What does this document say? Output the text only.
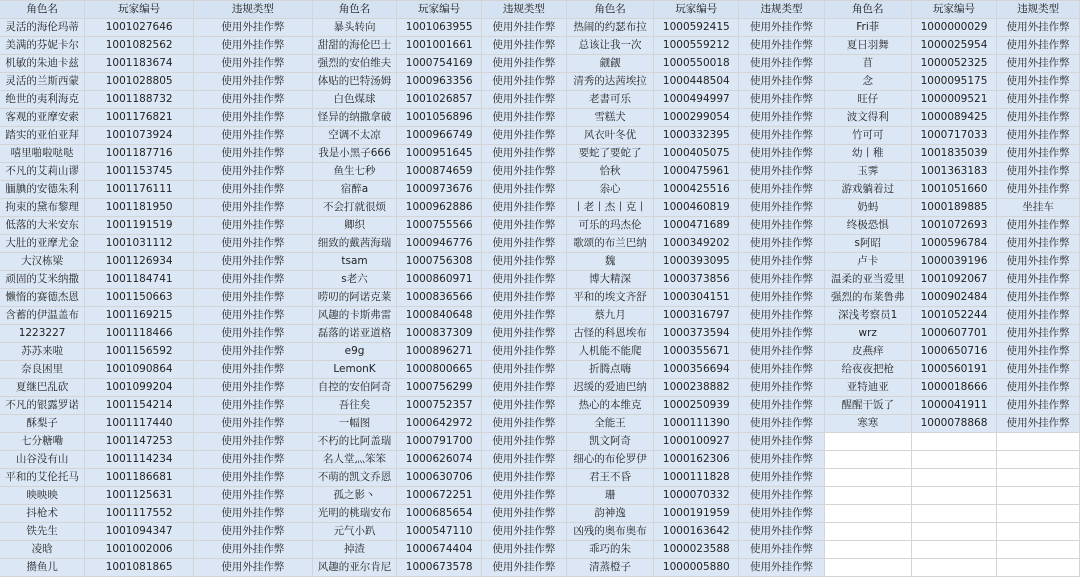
角色名	玩家编号	违规类型	角色名	玩家编号	违规类型	角色名	玩家编号	违规类型	角色名	玩家编号	违规类型
灵活的海伦玛蒂	1001027646	使用外挂作弊	暴头转向	1001063955	使用外挂作弊	热闹的约瑟布拉	1000592415	使用外挂作弊	Fri菲	1000000029	使用外挂作弊
美满的芬妮卡尔	1001082562	使用外挂作弊	甜甜的海伦巴士	1001001661	使用外挂作弊	总该让我一次	1000559212	使用外挂作弊	夏日羽舞	1000025954	使用外挂作弊
机敏的朱迪卡兹	1001183674	使用外挂作弊	强烈的安伯维夫	1000754169	使用外挂作弊	觎觎	1000550018	使用外挂作弊	苜	1000052325	使用外挂作弊
灵活的兰斯西蒙	1001028805	使用外挂作弊	体贴的巴特汤姆	1000963356	使用外挂作弊	清秀的达茜埃拉	1000448504	使用外挂作弊	念	1000095175	使用外挂作弊
绝世的夷利海克	1001188732	使用外挂作弊	白色煤球	1001026857	使用外挂作弊	老書可乐	1000494997	使用外挂作弊	旺仔	1000009521	使用外挂作弊
客观的亚摩安索	1001176821	使用外挂作弊	怪异的纳撒拿破	1001056896	使用外挂作弊	雪糕犬	1000299054	使用外挂作弊	波文得利	1000089425	使用外挂作弊
踏实的亚伯亚拜	1001073924	使用外挂作弊	空调不太凉	1000966749	使用外挂作弊	风衣叶冬优	1000332395	使用外挂作弊	竹可可	1000717033	使用外挂作弊
嘻里啪啦哒哒	1001187716	使用外挂作弊	我是小黑子666	1000951645	使用外挂作弊	要蛇了要蛇了	1000405075	使用外挂作弊	幼丨稚	1001835039	使用外挂作弊
不凡的艾莉山谬	1001153745	使用外挂作弊	鱼生七秒	1000874659	使用外挂作弊	恰秋	1000475961	使用外挂作弊	玉霁	1001363183	使用外挂作弊
腼腆的安德朱利	1001176111	使用外挂作弊	宿醉a	1000973676	使用外挂作弊	尜心	1000425516	使用外挂作弊	游戏躺着过	1001051660	使用外挂作弊
拘束的黛布黎理	1001181950	使用外挂作弊	不会打就很烦	1000962886	使用外挂作弊	丨老丨杰丨克丨	1000460819	使用外挂作弊	奶蚂	1000189885	坐挂车
低落的大米安东	1001191519	使用外挂作弊	卿织	1000755566	使用外挂作弊	可乐的玛杰伦	1000471689	使用外挂作弊	终极恐惧	1001072693	使用外挂作弊
大肚的亚摩尤金	1001031112	使用外挂作弊	细致的戴茜海瑞	1000946776	使用外挂作弊	歌颂的布兰巴纳	1000349202	使用外挂作弊	s阿昭	1000596784	使用外挂作弊
大汉栋梁	1001126934	使用外挂作弊	tsam	1000756308	使用外挂作弊	魏	1000393095	使用外挂作弊	卢卡	1000039196	使用外挂作弊
顽固的艾米纳撒	1001184741	使用外挂作弊	s老六	1000860971	使用外挂作弊	博大精深	1000373856	使用外挂作弊	温柔的亚当爱里	1001092067	使用外挂作弊
懒惰的赛德杰恩	1001150663	使用外挂作弊	唠叨的阿诺克莱	1000836566	使用外挂作弊	平和的埃文齐舒	1000304151	使用外挂作弊	强烈的布莱鲁弗	1000902484	使用外挂作弊
含蓄的伊温盖布	1001169215	使用外挂作弊	风趣的卡斯弗雷	1000840648	使用外挂作弊	蔡九月	1000316797	使用外挂作弊	深浅考察员1	1001052244	使用外挂作弊
1223227	1001118466	使用外挂作弊	磊落的诺亚道格	1000837309	使用外挂作弊	古怪的科恩埃布	1000373594	使用外挂作弊	wrz	1000607701	使用外挂作弊
苏苏来啦	1001156592	使用外挂作弊	e9g	1000896271	使用外挂作弊	人机能不能爬	1000355671	使用外挂作弊	皮燕痒	1000650716	使用外挂作弊
奈良困里	1001090864	使用外挂作弊	LemonK	1000800665	使用外挂作弊	折腾点嗨	1000356694	使用外挂作弊	给夜夜把枪	1000560191	使用外挂作弊
夏继巴乱砍	1001099204	使用外挂作弊	自控的安伯阿奇	1000756299	使用外挂作弊	迟缓的爱迪巴纳	1000238882	使用外挂作弊	亚特迪亚	1000018666	使用外挂作弊
不凡的银露罗诺	1001154214	使用外挂作弊	吾往矣	1000752357	使用外挂作弊	热心的本维克	1000250939	使用外挂作弊	醒醒干饭了	1000041911	使用外挂作弊
酥梨子	1001117440	使用外挂作弊	一幅图	1000642972	使用外挂作弊	全能王	1000111390	使用外挂作弊	寒寒	1000078868	使用外挂作弊
七分糖嘞	1001147253	使用外挂作弊	不朽的比阿盖瑞	1000791700	使用外挂作弊	凯文阿奇	1000100927	使用外挂作弊			
山谷没有山	1001114234	使用外挂作弊	名人堂灬笨笨	1000626074	使用外挂作弊	细心的布伦罗伊	1000162306	使用外挂作弊			
平和的艾伦托马	1001186681	使用外挂作弊	不萌的凯文乔恩	1000630706	使用外挂作弊	君王不昏	1000111828	使用外挂作弊			
映映映	1001125631	使用外挂作弊	孤之影丶	1000672251	使用外挂作弊	珊	1000070332	使用外挂作弊			
抖枪术	1001117552	使用外挂作弊	光明的桃瑞安布	1000685654	使用外挂作弊	韵神逸	1000191959	使用外挂作弊			
铁先生	1001094347	使用外挂作弊	元气小趴	1000547110	使用外挂作弊	凶残的奥布奥布	1000163642	使用外挂作弊			
凌晗	1001002006	使用外挂作弊	掉渣	1000674404	使用外挂作弊	乖巧的朱	1000023588	使用外挂作弊			
攒鱼儿	1001081865	使用外挂作弊	风趣的亚尔肯尼	1000673578	使用外挂作弊	清蒸橙子	1000005880	使用外挂作弊			
